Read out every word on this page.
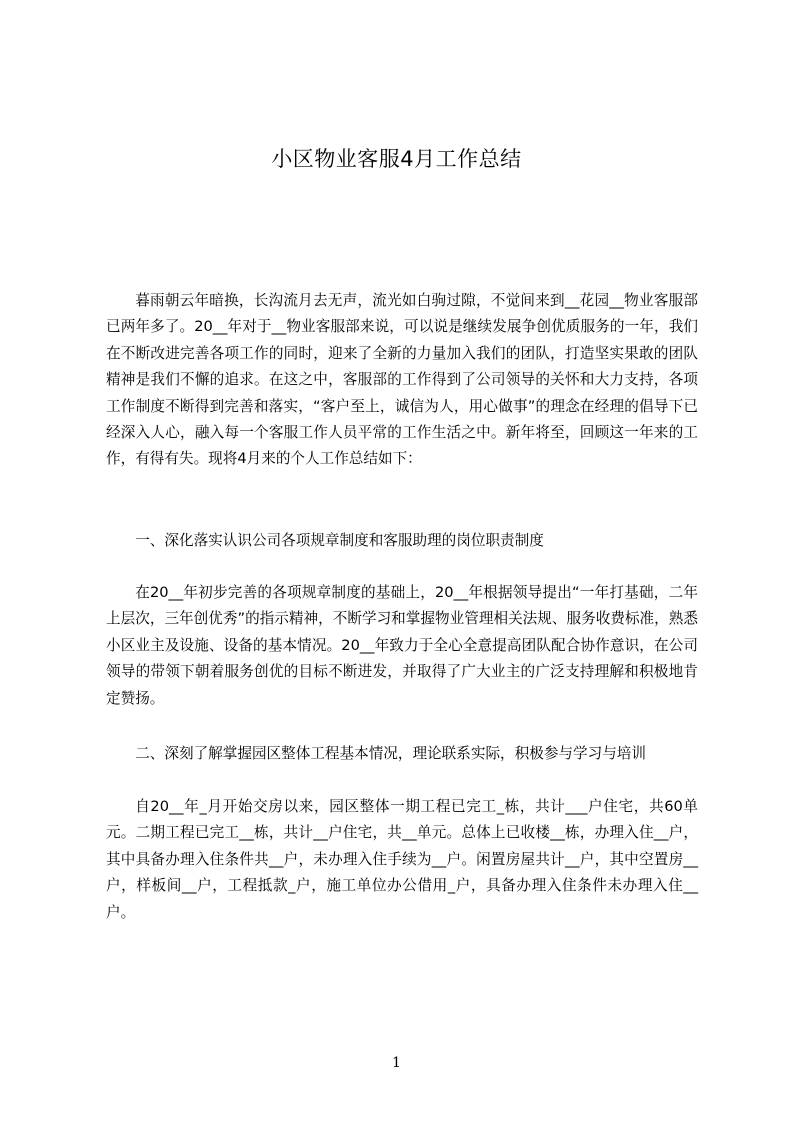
小区物业客服4月工作总结
暮雨朝云年暗换，长沟流月去无声，流光如白驹过隙，不觉间来到__花园__物业客服部已两年多了。20__年对于__物业客服部来说，可以说是继续发展争创优质服务的一年，我们在不断改进完善各项工作的同时，迎来了全新的力量加入我们的团队，打造坚实果敢的团队精神是我们不懈的追求。在这之中，客服部的工作得到了公司领导的关怀和大力支持，各项工作制度不断得到完善和落实，“客户至上，诚信为人，用心做事”的理念在经理的倡导下已经深入人心，融入每一个客服工作人员平常的工作生活之中。新年将至，回顾这一年来的工作，有得有失。现将4月来的个人工作总结如下：
一、深化落实认识公司各项规章制度和客服助理的岗位职责制度
在20__年初步完善的各项规章制度的基础上，20__年根据领导提出“一年打基础，二年上层次，三年创优秀”的指示精神，不断学习和掌握物业管理相关法规、服务收费标准，熟悉小区业主及设施、设备的基本情况。20__年致力于全心全意提高团队配合协作意识，在公司领导的带领下朝着服务创优的目标不断进发，并取得了广大业主的广泛支持理解和积极地肯定赞扬。
二、深刻了解掌握园区整体工程基本情况，理论联系实际，积极参与学习与培训
自20__年_月开始交房以来，园区整体一期工程已完工_栋，共计___户住宅，共60单元。二期工程已完工__栋，共计__户住宅，共__单元。总体上已收楼__栋，办理入住__户，其中具备办理入住条件共__户，未办理入住手续为__户。闲置房屋共计__户，其中空置房__户，样板间__户，工程抵款_户，施工单位办公借用_户，具备办理入住条件未办理入住__户。
1
